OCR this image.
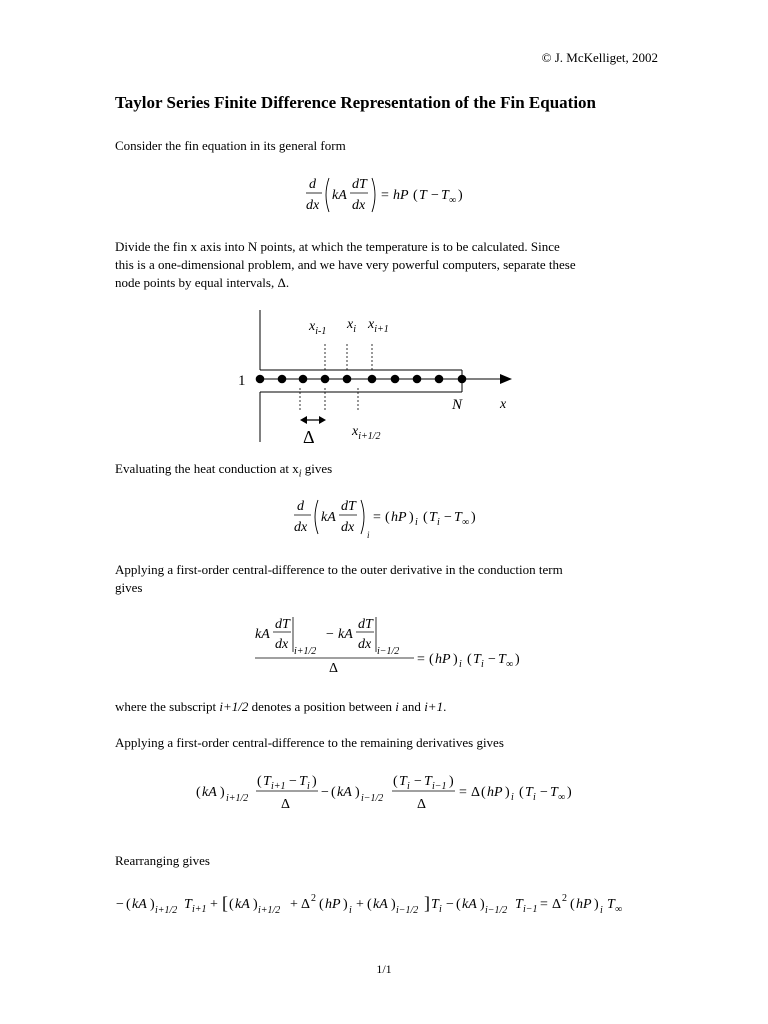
© J. McKelliget, 2002
Taylor Series Finite Difference Representation of the Fin Equation
Consider the fin equation in its general form
d
dx
kA
dT
dx
= hP ( T − T ∞ )
Divide the fin x axis into N points, at which the temperature is to be calculated. Since
this is a one-dimensional problem, and we have very powerful computers, separate these
node points by equal intervals, Δ.
$x_{i-1}$ $x_i$ $x_{i+1}$
1
N	x
Δ	$x_{i+1/2}$
Evaluating the heat conduction at $x_i$ gives
d
dx
kA
dT
dx i
= ( hP ) i ( T i − T ∞ )
Applying a first-order central-difference to the outer derivative in the conduction term
gives
kA
dT
dx i+1/2
− kA
dT
dx i−1/2
Δ
= ( hP ) i ( T i − T ∞ )
where the subscript i+1/2 denotes a position between i and i+1.
Applying a first-order central-difference to the remaining derivatives gives
( kA ) i+1/2
( T i+1 − T i )
Δ
− ( kA ) i−1/2
( T i − T i−1 )
Δ
= Δ ( hP ) i ( T i − T ∞ )
Rearranging gives
− ( kA ) i+1/2 T i+1 + [ ( kA ) i+1/2 + Δ 2 ( hP ) i + ( kA ) i−1/2 ] T i − ( kA ) i−1/2 T i−1 = Δ 2 ( hP ) i T ∞
1/1
